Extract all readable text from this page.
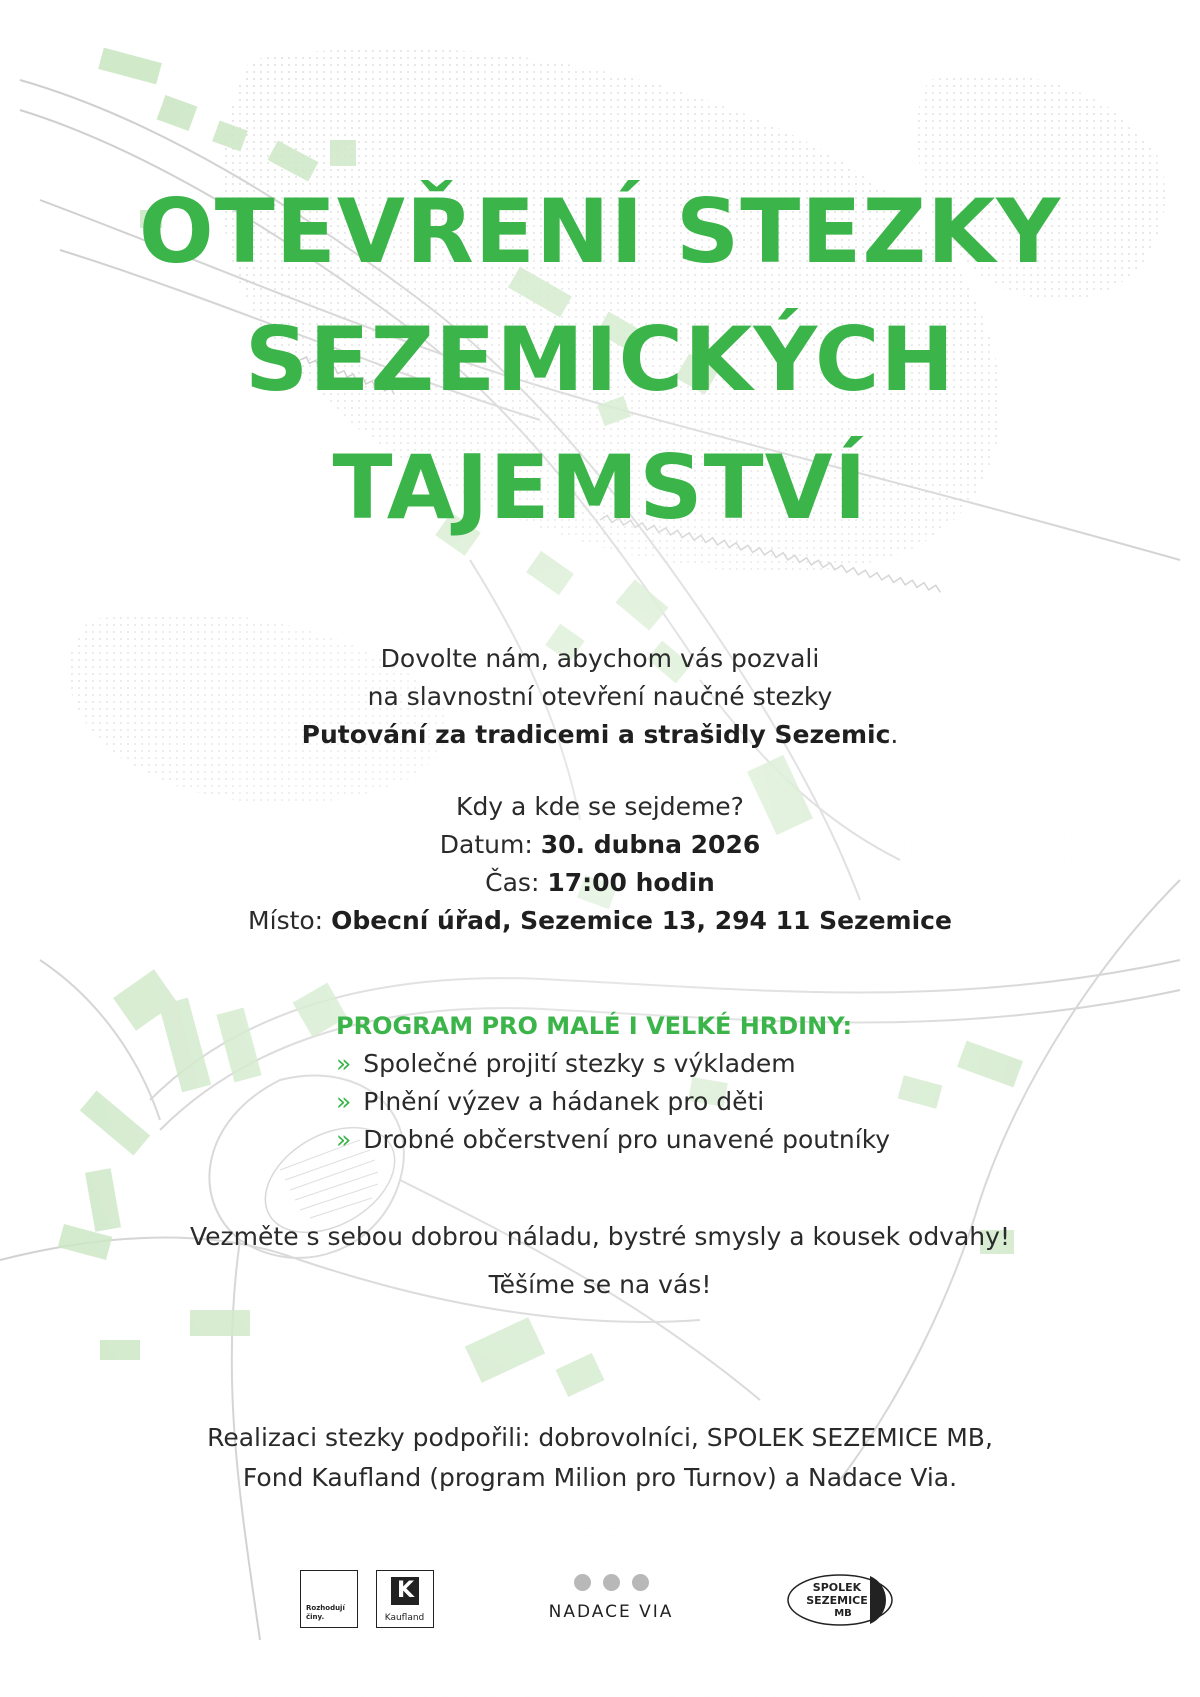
OTEVŘENÍ STEZKY
SEZEMICKÝCH
TAJEMSTVÍ

Dovolte nám, abychom vás pozvali

na slavnostní otevření naučné stezky

Putování za tradicemi a strašidly Sezemic.

Kdy a kde se sejdeme?

Datum: 30. dubna 2026

Čas: 17:00 hodin

Místo: Obecní úřad, Sezemice 13, 294 11 Sezemice

PROGRAM PRO MALÉ I VELKÉ HRDINY:

» Společné projití stezky s výkladem
» Plnění výzev a hádanek pro děti
» Drobné občerstvení pro unavené poutníky

Vezměte s sebou dobrou náladu, bystré smysly a kousek odvahy!

Těšíme se na vás!

Realizaci stezky podpořili: dobrovolníci, SPOLEK SEZEMICE MB,

Fond Kaufland (program Milion pro Turnov) a Nadace Via.

Rozhodují
činy.
K	Kaufland	NADACE VIA
SPOLEK
SEZEMICE
MB
